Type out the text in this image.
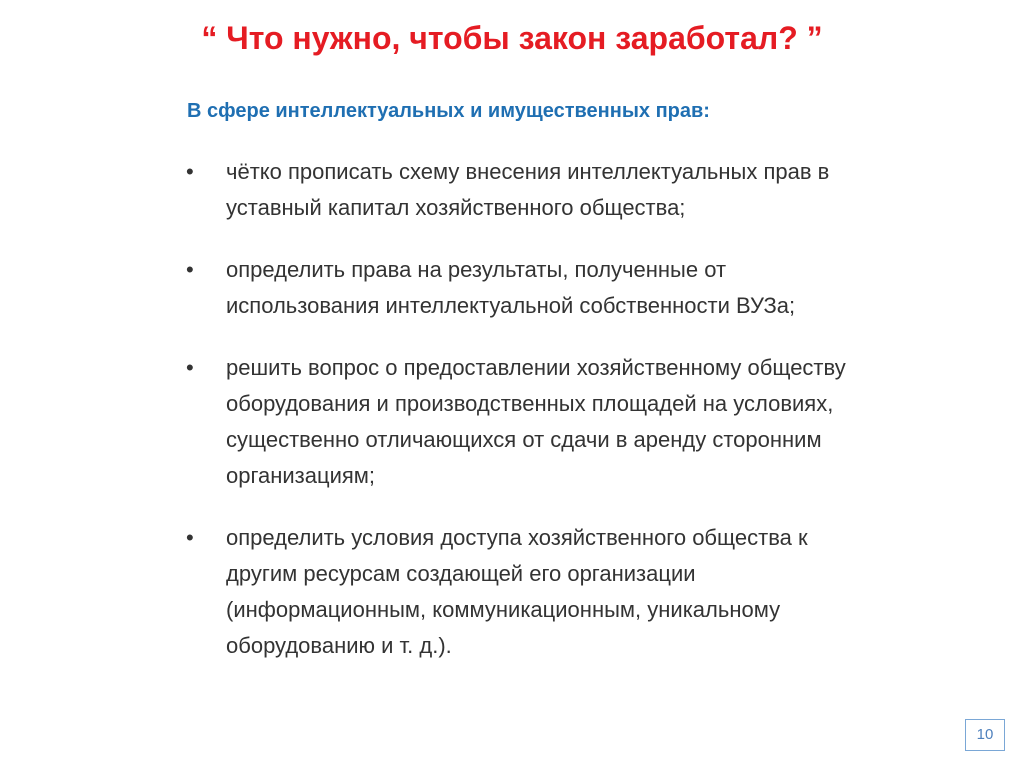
“ Что нужно, чтобы закон заработал? ”
В сфере интеллектуальных и имущественных прав:
• чётко прописать схему внесения интеллектуальных прав в
уставный капитал хозяйственного общества;
• определить права на результаты, полученные от
использования интеллектуальной собственности ВУЗа;
• решить вопрос о предоставлении хозяйственному обществу
оборудования и производственных площадей на условиях,
существенно отличающихся от сдачи в аренду сторонним
организациям;
• определить условия доступа хозяйственного общества к
другим ресурсам создающей его организации
(информационным, коммуникационным, уникальному
оборудованию и т. д.).
10
